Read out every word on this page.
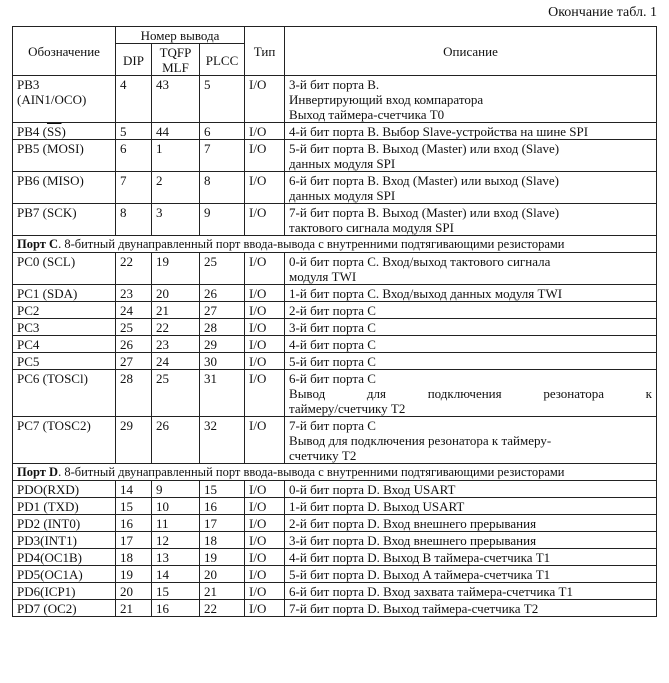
Окончание табл. 1
Обозначение	Номер вывода			Тип	Описание
	DIP	TQFP MLF	PLCC		
PB3 (AIN1/OCO)	4	43	5	I/O	3-й бит порта B.
Инвертирующий вход компаратора
Выход таймера-счетчика T0

PB4 $(\overline{SS})$	5	44	6	I/O	4-й бит порта B. Выбор Slave-устройства на шине SPI

PB5 (MOSI)	6	1	7	I/O	5-й бит порта B. Выход (Master) или вход (Slave)
данных модуля SPI

PB6 (MISO)	7	2	8	I/O	6-й бит порта B. Вход (Master) или выход (Slave)
данных модуля SPI

PB7 (SCK)	8	3	9	I/O	7-й бит порта B. Выход (Master) или вход (Slave)
тактового сигнала модуля SPI

Порт C. 8-битный двунаправленный порт ввода-вывода с внутренними подтягивающими резисторами					
PC0 (SCL)	22	19	25	I/O	0-й бит порта C. Вход/выход тактового сигнала
модуля TWI

PC1 (SDA)	23	20	26	I/O	1-й бит порта C. Вход/выход данных модуля TWI

PC2	24	21	27	I/O	2-й бит порта C

PC3	25	22	28	I/O	3-й бит порта C

PC4	26	23	29	I/O	4-й бит порта C

PC5	27	24	30	I/O	5-й бит порта C

PC6 (TOSCl)	28	25	31	I/O	6-й бит порта C
Вывод для подключения резонатора к
таймеру/счетчику T2

PC7 (TOSC2)	29	26	32	I/O	7-й бит порта C
Вывод для подключения резонатора к таймеру-
счетчику T2

Порт D. 8-битный двунаправленный порт ввода-вывода с внутренними подтягивающими резисторами					
PDO(RXD)	14	9	15	I/O	0-й бит порта D. Вход USART

PD1 (TXD)	15	10	16	I/O	1-й бит порта D. Выход USART

PD2 (INT0)	16	11	17	I/O	2-й бит порта D. Вход внешнего прерывания

PD3(INT1)	17	12	18	I/O	3-й бит порта D. Вход внешнего прерывания

PD4(OC1B)	18	13	19	I/O	4-й бит порта D. Выход B таймера-счетчика T1

PD5(OC1A)	19	14	20	I/O	5-й бит порта D. Выход A таймера-счетчика T1

PD6(ICP1)	20	15	21	I/O	6-й бит порта D. Вход захвата таймера-счетчика T1

PD7 (OC2)	21	16	22	I/O	7-й бит порта D. Выход таймера-счетчика T2
